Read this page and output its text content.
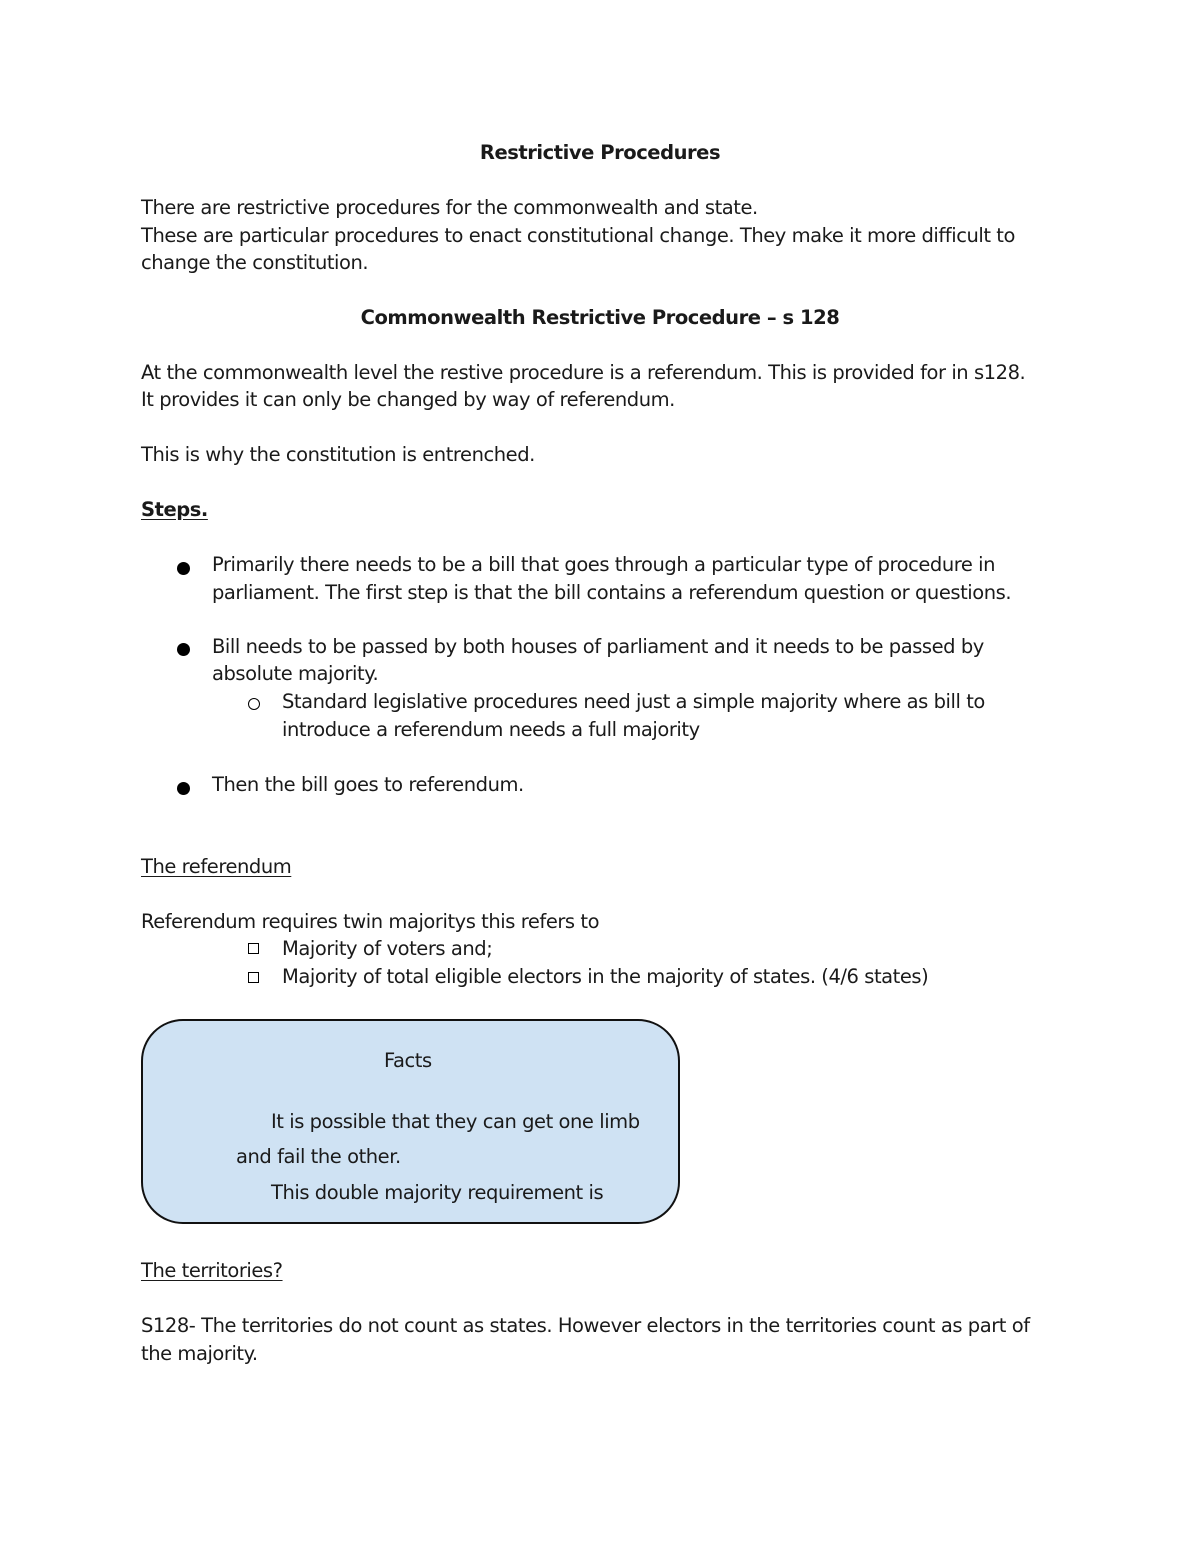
Restrictive Procedures
There are restrictive procedures for the commonwealth and state.
These are particular procedures to enact constitutional change. They make it more difficult to
change the constitution.
Commonwealth Restrictive Procedure – s 128
At the commonwealth level the restive procedure is a referendum. This is provided for in s128.
It provides it can only be changed by way of referendum.
This is why the constitution is entrenched.
Steps.
Primarily there needs to be a bill that goes through a particular type of procedure in
parliament. The first step is that the bill contains a referendum question or questions.
Bill needs to be passed by both houses of parliament and it needs to be passed by
absolute majority.
Standard legislative procedures need just a simple majority where as bill to
introduce a referendum needs a full majority
Then the bill goes to referendum.
The referendum
Referendum requires twin majoritys this refers to
Majority of voters and;
Majority of total eligible electors in the majority of states. (4/6 states)
Facts
It is possible that they can get one limb
and fail the other.
This double majority requirement is
The territories?
S128- The territories do not count as states. However electors in the territories count as part of
the majority.
